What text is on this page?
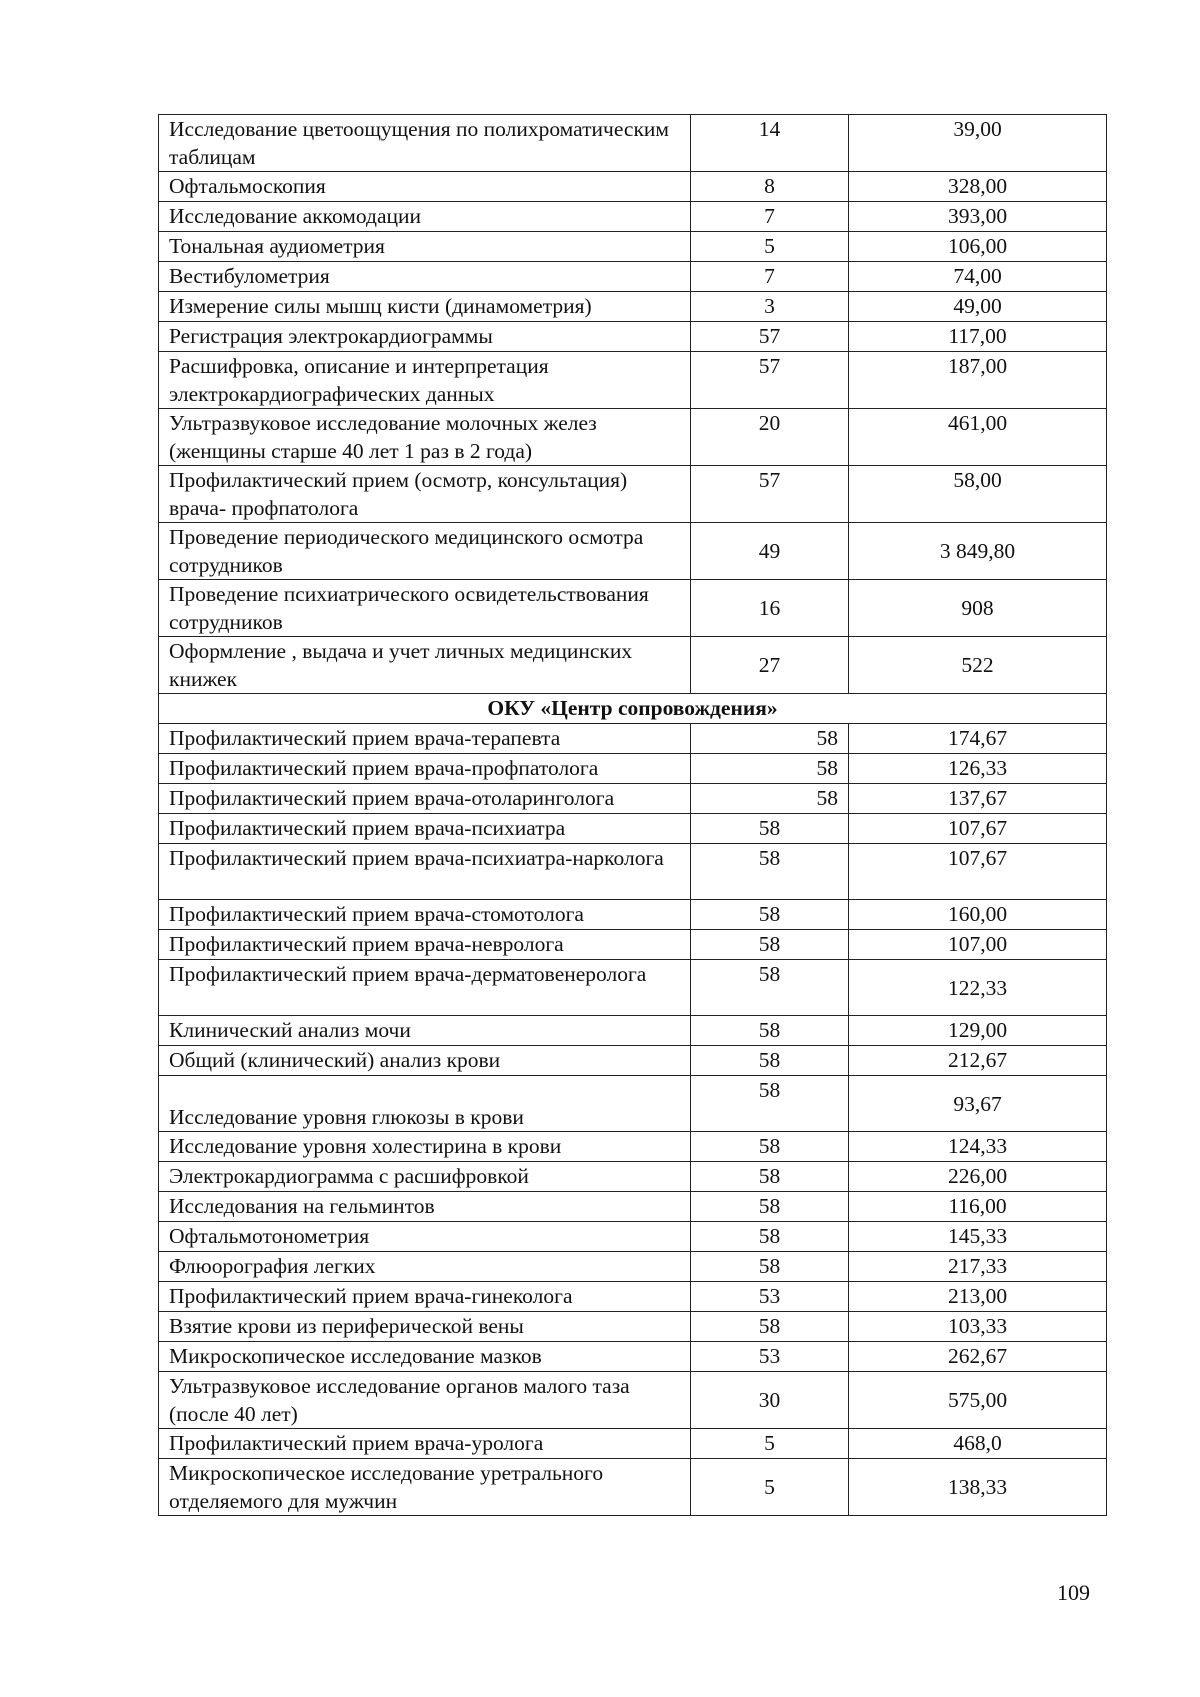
Исследование цветоощущения по полихроматическим таблицам	14	39,00
Офтальмоскопия	8	328,00
Исследование аккомодации	7	393,00
Тональная аудиометрия	5	106,00
Вестибулометрия	7	74,00
Измерение силы мышц кисти (динамометрия)	3	49,00
Регистрация электрокардиограммы	57	117,00
Расшифровка, описание и интерпретация электрокардиографических данных	57	187,00
Ультразвуковое исследование молочных желез (женщины старше 40 лет 1 раз в 2 года)	20	461,00
Профилактический прием (осмотр, консультация) врача- профпатолога	57	58,00
Проведение периодического медицинского осмотра сотрудников	49	3 849,80
Проведение психиатрического освидетельствования сотрудников	16	908
Оформление , выдача и учет личных медицинских книжек	27	522
ОКУ «Центр сопровождения»		
Профилактический прием врача-терапевта	58	174,67
Профилактический прием врача-профпатолога	58	126,33
Профилактический прием врача-отоларинголога	58	137,67
Профилактический прием врача-психиатра	58	107,67
Профилактический прием врача-психиатра-нарколога	58	107,67
Профилактический прием врача-стомотолога	58	160,00
Профилактический прием врача-невролога	58	107,00
Профилактический прием врача-дерматовенеролога	58	122,33
Клинический анализ мочи	58	129,00
Общий (клинический) анализ крови	58	212,67
Исследование уровня глюкозы в крови	58	93,67
Исследование уровня холестирина в крови	58	124,33
Электрокардиограмма с расшифровкой	58	226,00
Исследования на гельминтов	58	116,00
Офтальмотонометрия	58	145,33
Флюорография легких	58	217,33
Профилактический прием врача-гинеколога	53	213,00
Взятие крови из периферической вены	58	103,33
Микроскопическое исследование мазков	53	262,67
Ультразвуковое исследование органов малого таза (после 40 лет)	30	575,00
Профилактический прием врача-уролога	5	468,0
Микроскопическое исследование уретрального отделяемого для мужчин	5	138,33
109
